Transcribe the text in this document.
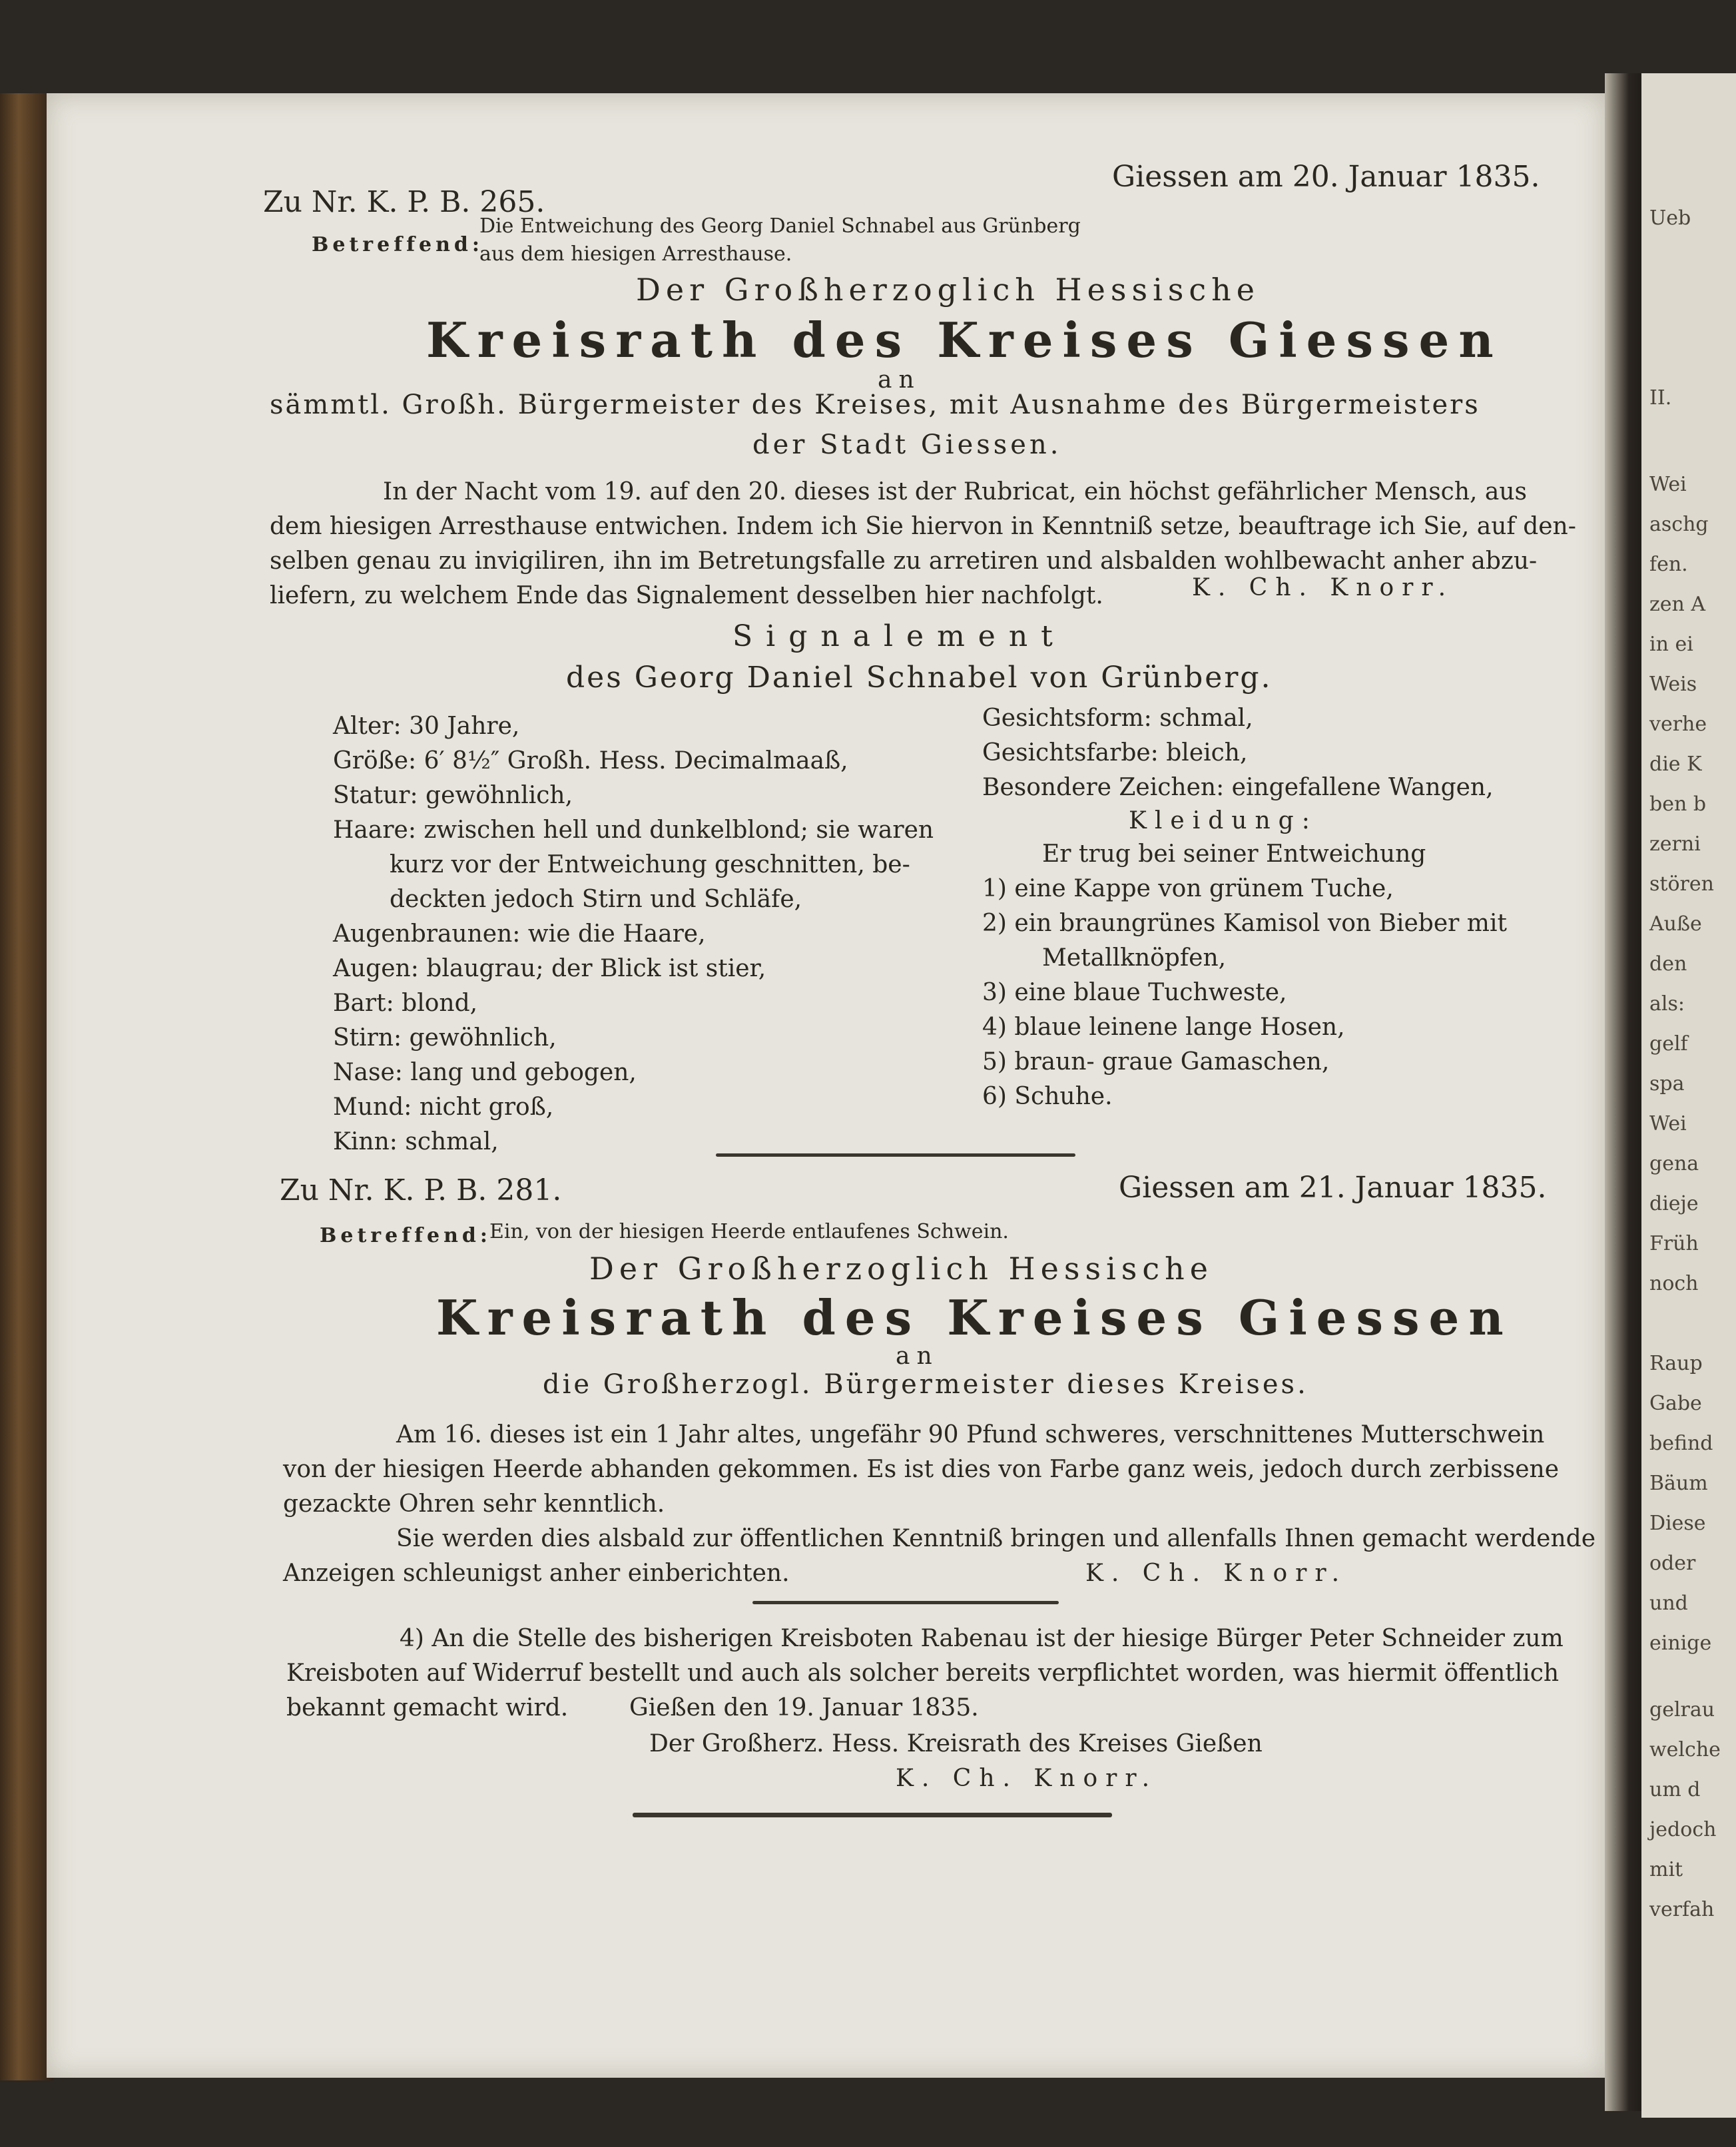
Ueb
II.
Wei
aschg
fen.
zen A
in ei
Weis
verhe
die K
ben b
zerni
stören
Auße
den
als:
gelf
spa
Wei
gena
dieje
Früh
noch
Raup
Gabe
befind
Bäum
Diese
oder
und
einige
gelrau
welche
um d
jedoch
mit
verfah
Zu Nr. K. P. B. 265.
Giessen am 20. Januar 1835.
Betreffend:
Die Entweichung des Georg Daniel Schnabel aus Grünberg
aus dem hiesigen Arresthause.
Der Großherzoglich Hessische
Kreisrath des Kreises Giessen
an
sämmtl. Großh. Bürgermeister des Kreises, mit Ausnahme des Bürgermeisters
der Stadt Giessen.
In der Nacht vom 19. auf den 20. dieses ist der Rubricat, ein höchst gefährlicher Mensch, aus
dem hiesigen Arresthause entwichen. Indem ich Sie hiervon in Kenntniß setze, beauftrage ich Sie, auf den-
selben genau zu invigiliren, ihn im Betretungsfalle zu arretiren und alsbalden wohlbewacht anher abzu-
liefern, zu welchem Ende das Signalement desselben hier nachfolgt.	K. Ch. Knorr.
Signalement
des Georg Daniel Schnabel von Grünberg.
Alter: 30 Jahre,
Größe: 6′ 8½″ Großh. Hess. Decimalmaaß,
Statur: gewöhnlich,
Haare: zwischen hell und dunkelblond; sie waren
kurz vor der Entweichung geschnitten, be-
deckten jedoch Stirn und Schläfe,
Augenbraunen: wie die Haare,
Augen: blaugrau; der Blick ist stier,
Bart: blond,
Stirn: gewöhnlich,
Nase: lang und gebogen,
Mund: nicht groß,
Kinn: schmal,
Gesichtsform: schmal,
Gesichtsfarbe: bleich,
Besondere Zeichen: eingefallene Wangen,
Kleidung:
Er trug bei seiner Entweichung
1) eine Kappe von grünem Tuche,
2) ein braungrünes Kamisol von Bieber mit
Metallknöpfen,
3) eine blaue Tuchweste,
4) blaue leinene lange Hosen,
5) braun- graue Gamaschen,
6) Schuhe.
Zu Nr. K. P. B. 281.	Giessen am 21. Januar 1835.
Betreffend:
Ein, von der hiesigen Heerde entlaufenes Schwein.
Der Großherzoglich Hessische
Kreisrath des Kreises Giessen
an
die Großherzogl. Bürgermeister dieses Kreises.
Am 16. dieses ist ein 1 Jahr altes, ungefähr 90 Pfund schweres, verschnittenes Mutterschwein
von der hiesigen Heerde abhanden gekommen. Es ist dies von Farbe ganz weis, jedoch durch zerbissene
gezackte Ohren sehr kenntlich.
Sie werden dies alsbald zur öffentlichen Kenntniß bringen und allenfalls Ihnen gemacht werdende
Anzeigen schleunigst anher einberichten.	K. Ch. Knorr.
4) An die Stelle des bisherigen Kreisboten Rabenau ist der hiesige Bürger Peter Schneider zum
Kreisboten auf Widerruf bestellt und auch als solcher bereits verpflichtet worden, was hiermit öffentlich
bekannt gemacht wird.	Gießen den 19. Januar 1835.
Der Großherz. Hess. Kreisrath des Kreises Gießen
K. Ch. Knorr.
